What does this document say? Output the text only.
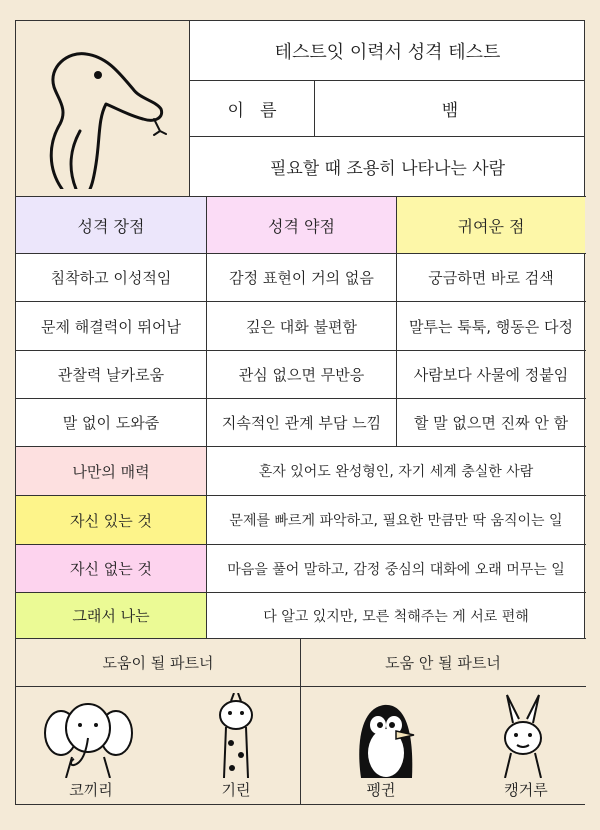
테스트잇 이력서 성격 테스트
이   름	뱀
필요할 때 조용히 나타나는 사람
성격 장점	성격 약점	귀여운 점
침착하고 이성적임	감정 표현이 거의 없음	궁금하면 바로 검색
문제 해결력이 뛰어남	깊은 대화 불편함	말투는 툭툭, 행동은 다정
관찰력 날카로움	관심 없으면 무반응	사람보다 사물에 정붙임
말 없이 도와줌	지속적인 관계 부담 느낌	할 말 없으면 진짜 안 함
나만의 매력	혼자 있어도 완성형인, 자기 세계 충실한 사람
자신 있는 것	문제를 빠르게 파악하고, 필요한 만큼만 딱 움직이는 일
자신 없는 것	마음을 풀어 말하고, 감정 중심의 대화에 오래 머무는 일
그래서 나는	다 알고 있지만, 모른 척해주는 게 서로 편해
도움이 될 파트너	도움 안 될 파트너
코끼리	기린	펭귄	캥거루
